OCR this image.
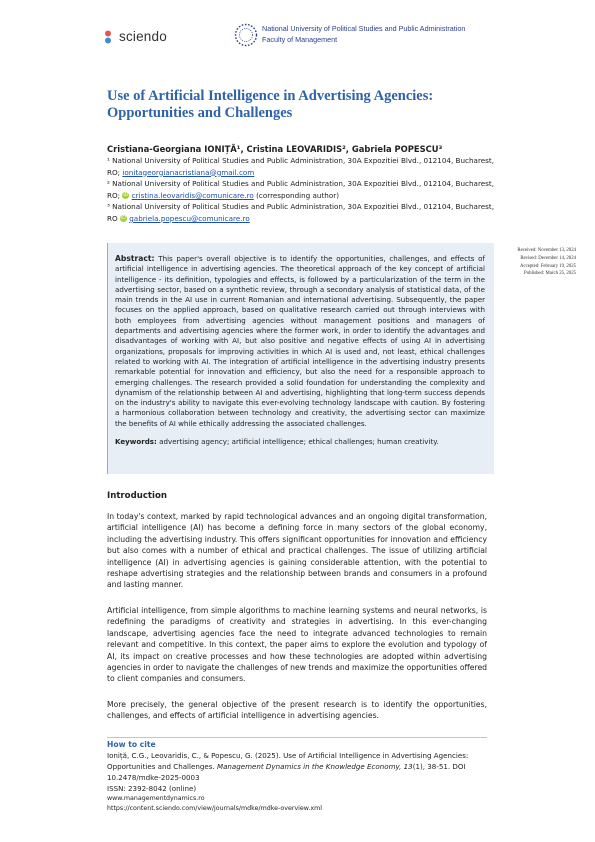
sciendo
National University of Political Studies and Public Administration
Faculty of Management
Use of Artificial Intelligence in Advertising Agencies: Opportunities and Challenges
Cristiana-Georgiana IONIȚĂ¹, Cristina LEOVARIDIS², Gabriela POPESCU³

¹ National University of Political Studies and Public Administration, 30A Expozitiei Blvd., 012104, Bucharest, RO; ionitageorgianacristiana@gmail.com

² National University of Political Studies and Public Administration, 30A Expozitiei Blvd., 012104, Bucharest, RO; iD cristina.leovaridis@comunicare.ro (corresponding author)

³ National University of Political Studies and Public Administration, 30A Expozitiei Blvd., 012104, Bucharest, RO iD gabriela.popescu@comunicare.ro

Received: November 13, 2024
Revised: December 14, 2024
Accepted: February 19, 2025
Published: March 25, 2025

Abstract: This paper's overall objective is to identify the opportunities, challenges, and effects of artificial intelligence in advertising agencies. The theoretical approach of the key concept of artificial intelligence - its definition, typologies and effects, is followed by a particularization of the term in the advertising sector, based on a synthetic review, through a secondary analysis of statistical data, of the main trends in the AI use in current Romanian and international advertising. Subsequently, the paper focuses on the applied approach, based on qualitative research carried out through interviews with both employees from advertising agencies without management positions and managers of departments and advertising agencies where the former work, in order to identify the advantages and disadvantages of working with AI, but also positive and negative effects of using AI in advertising organizations, proposals for improving activities in which AI is used and, not least, ethical challenges related to working with AI. The integration of artificial intelligence in the advertising industry presents remarkable potential for innovation and efficiency, but also the need for a responsible approach to emerging challenges. The research provided a solid foundation for understanding the complexity and dynamism of the relationship between AI and advertising, highlighting that long-term success depends on the industry's ability to navigate this ever-evolving technology landscape with caution. By fostering a harmonious collaboration between technology and creativity, the advertising sector can maximize the benefits of AI while ethically addressing the associated challenges.

Keywords: advertising agency; artificial intelligence; ethical challenges; human creativity.
Introduction

In today's context, marked by rapid technological advances and an ongoing digital transformation, artificial intelligence (AI) has become a defining force in many sectors of the global economy, including the advertising industry. This offers significant opportunities for innovation and efficiency but also comes with a number of ethical and practical challenges. The issue of utilizing artificial intelligence (AI) in advertising agencies is gaining considerable attention, with the potential to reshape advertising strategies and the relationship between brands and consumers in a profound and lasting manner.

Artificial intelligence, from simple algorithms to machine learning systems and neural networks, is redefining the paradigms of creativity and strategies in advertising. In this ever-changing landscape, advertising agencies face the need to integrate advanced technologies to remain relevant and competitive. In this context, the paper aims to explore the evolution and typology of AI, its impact on creative processes and how these technologies are adopted within advertising agencies in order to navigate the challenges of new trends and maximize the opportunities offered to client companies and consumers.

More precisely, the general objective of the present research is to identify the opportunities, challenges, and effects of artificial intelligence in advertising agencies.

How to cite

Ioniță, C.G., Leovaridis, C., & Popescu, G. (2025). Use of Artificial Intelligence in Advertising Agencies: Opportunities and Challenges. Management Dynamics in the Knowledge Economy, 13(1), 38-51. DOI 10.2478/mdke-2025-0003

ISSN: 2392-8042 (online)

www.managementdynamics.ro

https://content.sciendo.com/view/journals/mdke/mdke-overview.xml
